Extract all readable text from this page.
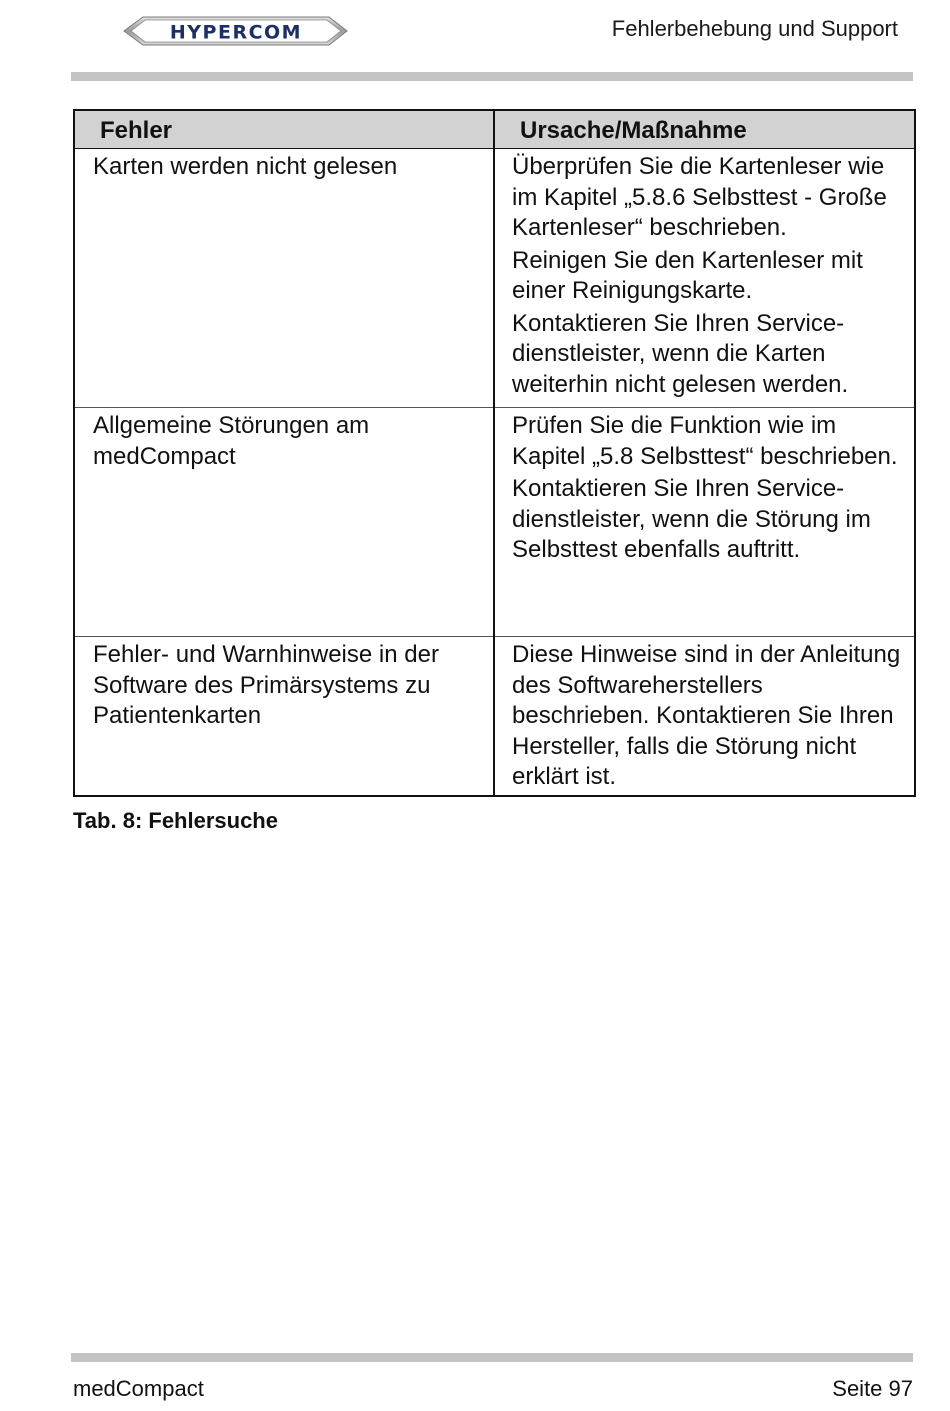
HYPERCOM	Fehlerbehebung und Support
Fehler	Ursache/Maßnahme
Karten werden nicht gelesen	Überprüfen Sie die Kartenleser wie im Kapitel „5.8.6 Selbsttest - Große Kartenleser“ beschrieben.
Reinigen Sie den Kartenleser mit einer Reinigungskarte.
Kontaktieren Sie Ihren Service-dienstleister, wenn die Karten weiterhin nicht gelesen werden.

Allgemeine Störungen am medCompact	Prüfen Sie die Funktion wie im Kapitel „5.8 Selbsttest“ beschrieben.
Kontaktieren Sie Ihren Service-dienstleister, wenn die Störung im Selbsttest ebenfalls auftritt.

Fehler- und Warnhinweise in der Software des Primärsystems zu Patientenkarten	Diese Hinweise sind in der Anleitung des Softwareherstellers beschrieben. Kontaktieren Sie Ihren Hersteller, falls die Störung nicht erklärt ist.
Tab. 8: Fehlersuche
medCompact	Seite 97
